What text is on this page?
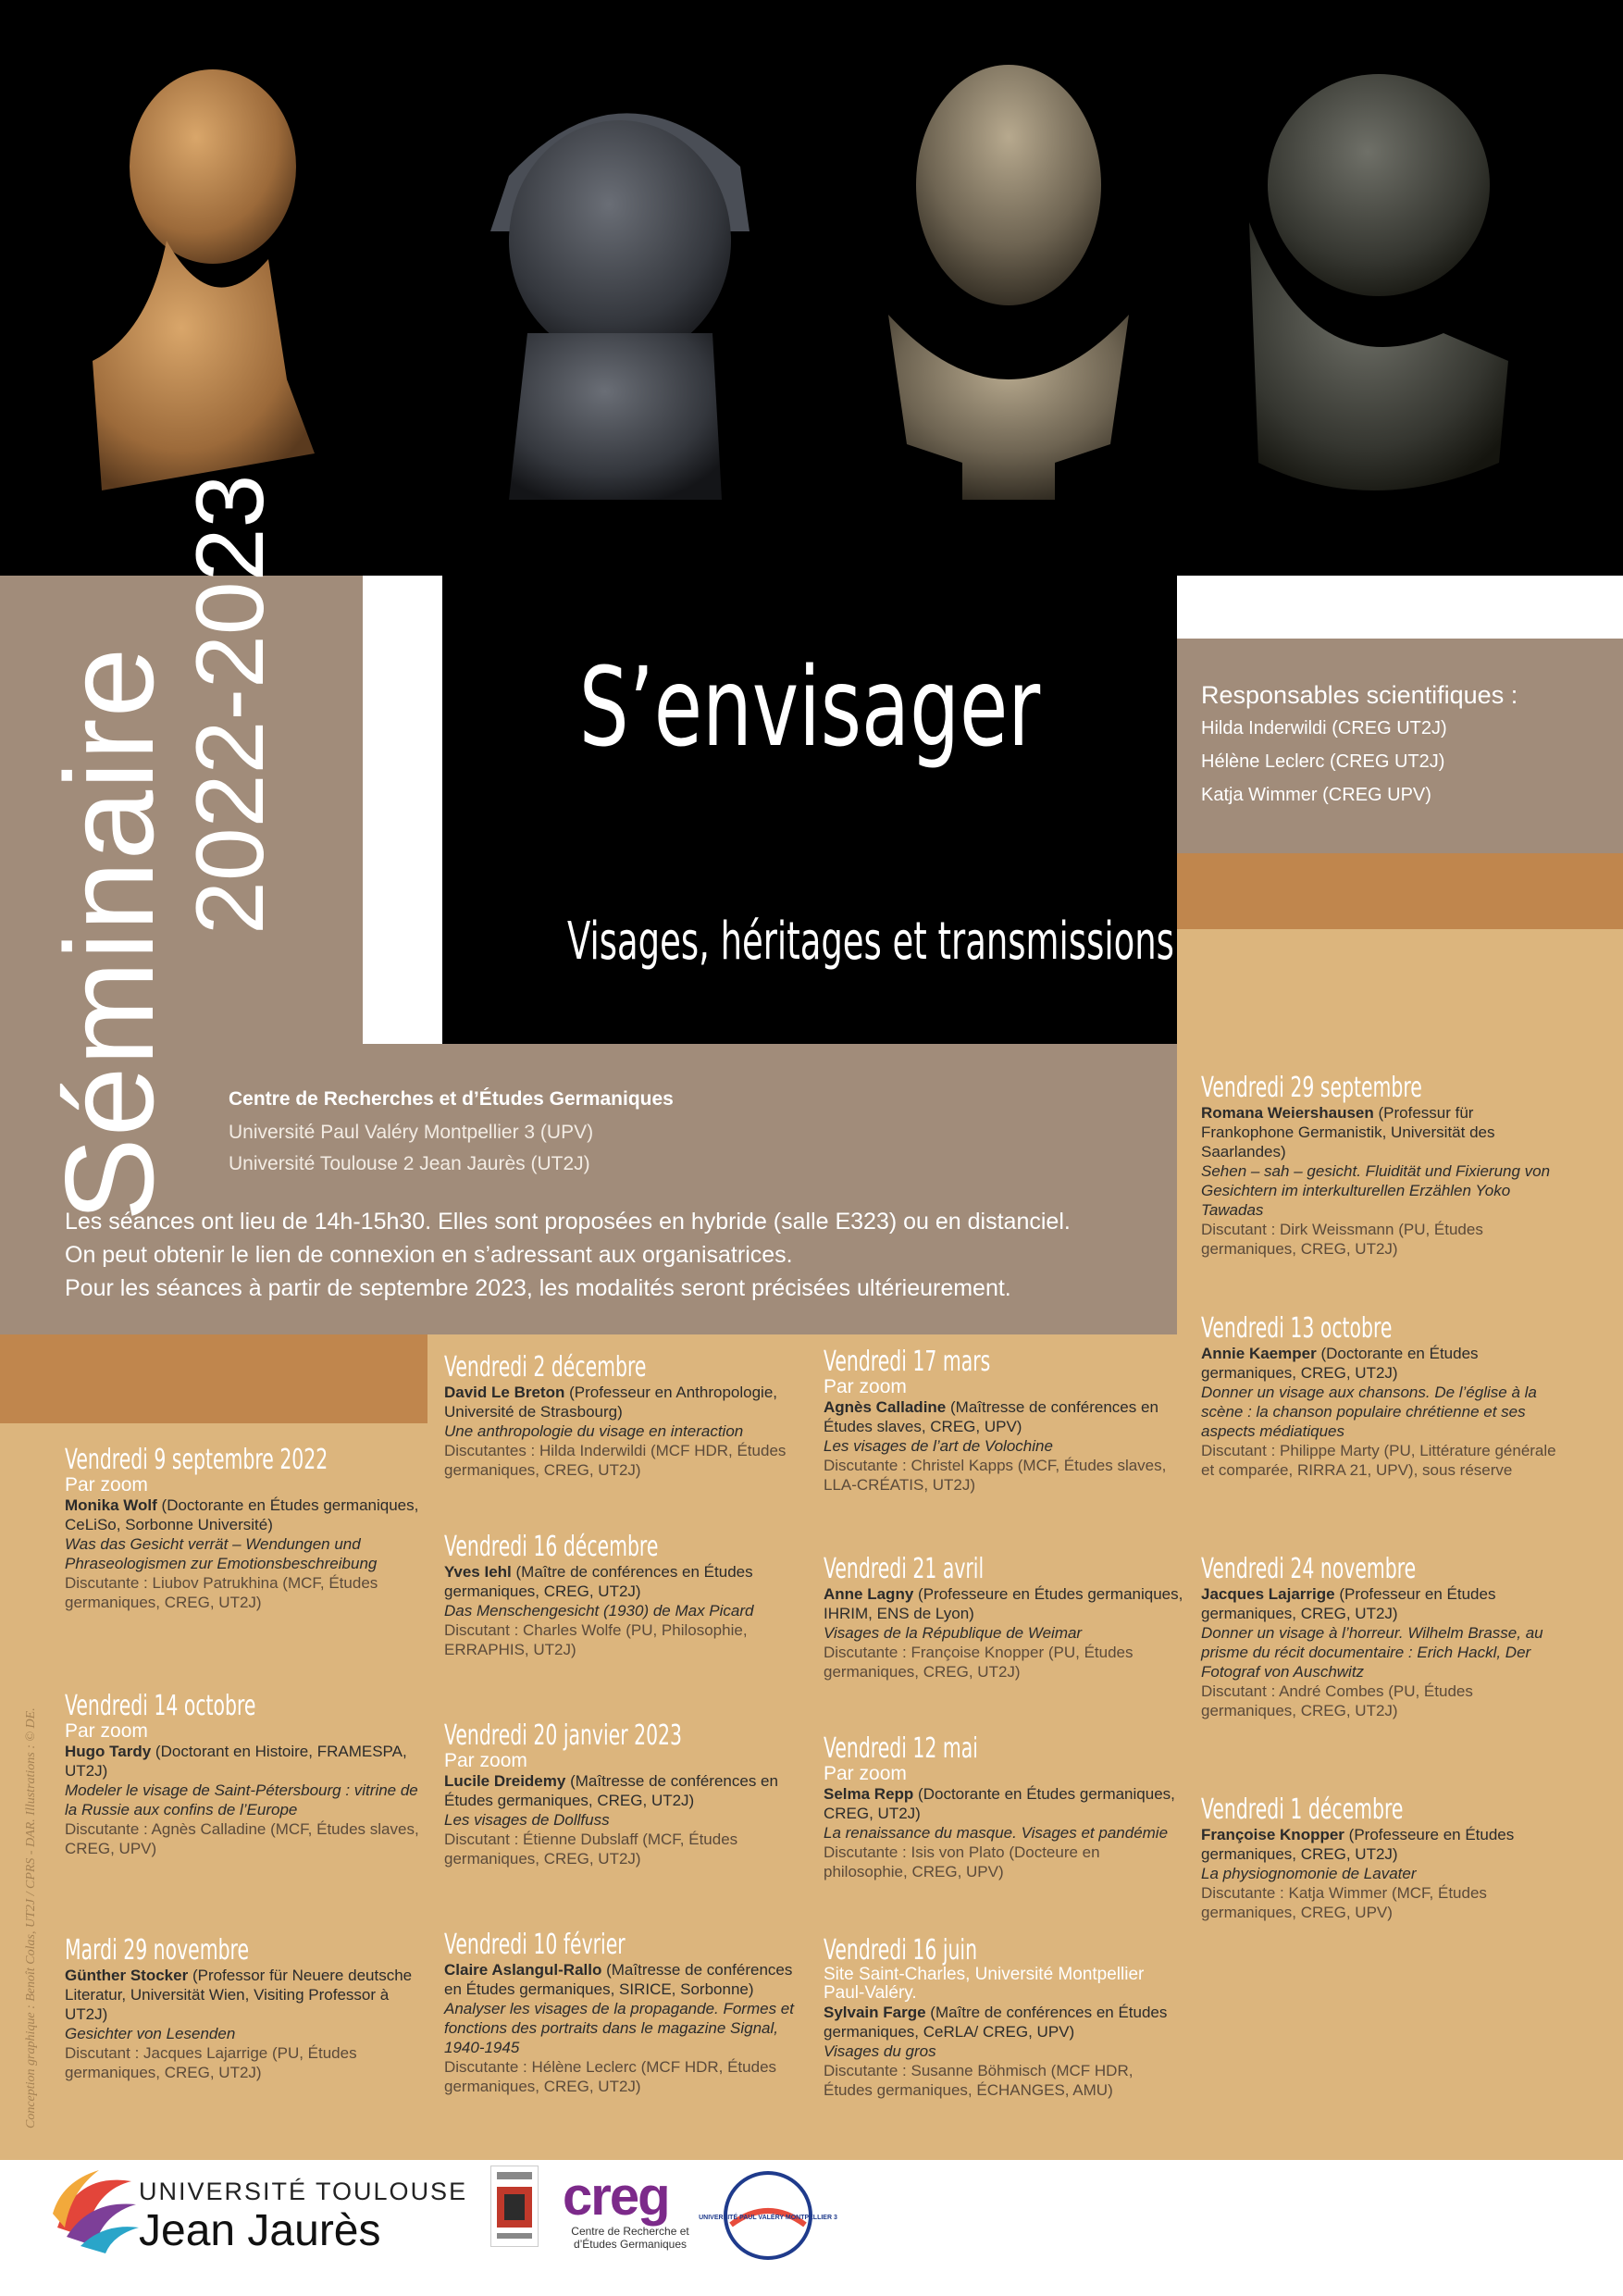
Séminaire
2022-2023	S’envisager
Visages, héritages et transmissions
Responsables scientifiques :
Hilda Inderwildi (CREG UT2J)
Hélène Leclerc (CREG UT2J)
Katja Wimmer (CREG UPV)
Centre de Recherches et d’Études Germaniques
Université Paul Valéry Montpellier 3 (UPV)
Université Toulouse 2 Jean Jaurès (UT2J)
Les séances ont lieu de 14h-15h30. Elles sont proposées en hybride (salle E323) ou en distanciel.
On peut obtenir le lien de connexion en s’adressant aux organisatrices.
Pour les séances à partir de septembre 2023, les modalités seront précisées ultérieurement.
Vendredi 9 septembre 2022
Par zoom
Monika Wolf (Doctorante en Études germaniques, CeLiSo, Sorbonne Université)
Was das Gesicht verrät – Wendungen und Phraseologismen zur Emotionsbeschreibung
Discutante : Liubov Patrukhina (MCF, Études germaniques, CREG, UT2J)
Vendredi 14 octobre
Par zoom
Hugo Tardy (Doctorant en Histoire, FRAMESPA, UT2J)
Modeler le visage de Saint-Pétersbourg : vitrine de la Russie aux confins de l’Europe
Discutante : Agnès Calladine (MCF, Études slaves, CREG, UPV)
Mardi 29 novembre
Günther Stocker (Professor für Neuere deutsche Literatur, Universität Wien, Visiting Professor à UT2J)
Gesichter von Lesenden
Discutant : Jacques Lajarrige (PU, Études germaniques, CREG, UT2J)
Vendredi 2 décembre
David Le Breton (Professeur en Anthropologie, Université de Strasbourg)
Une anthropologie du visage en interaction
Discutantes : Hilda Inderwildi (MCF HDR, Études germaniques, CREG, UT2J)
Vendredi 16 décembre
Yves Iehl (Maître de conférences en Études germaniques, CREG, UT2J)
Das Menschengesicht (1930) de Max Picard
Discutant : Charles Wolfe (PU, Philosophie, ERRAPHIS, UT2J)
Vendredi 20 janvier 2023
Par zoom
Lucile Dreidemy (Maîtresse de conférences en Études germaniques, CREG, UT2J)
Les visages de Dollfuss
Discutant : Étienne Dubslaff (MCF, Études germaniques, CREG, UT2J)
Vendredi 10 février
Claire Aslangul-Rallo (Maîtresse de conférences en Études germaniques, SIRICE, Sorbonne)
Analyser les visages de la propagande. Formes et fonctions des portraits dans le magazine Signal, 1940-1945
Discutante : Hélène Leclerc (MCF HDR, Études germaniques, CREG, UT2J)
Vendredi 17 mars
Par zoom
Agnès Calladine (Maîtresse de conférences en Études slaves, CREG, UPV)
Les visages de l’art de Volochine
Discutante : Christel Kapps (MCF, Études slaves, LLA-CRÉATIS, UT2J)
Vendredi 21 avril
Anne Lagny (Professeure en Études germaniques, IHRIM, ENS de Lyon)
Visages de la République de Weimar
Discutante : Françoise Knopper (PU, Études germaniques, CREG, UT2J)
Vendredi 12 mai
Par zoom
Selma Repp (Doctorante en Études germaniques, CREG, UT2J)
La renaissance du masque. Visages et pandémie
Discutante : Isis von Plato (Docteure en philosophie, CREG, UPV)
Vendredi 16 juin
Site Saint-Charles, Université Montpellier Paul-Valéry.
Sylvain Farge (Maître de conférences en Études germaniques, CeRLA/ CREG, UPV)
Visages du gros
Discutante : Susanne Böhmisch (MCF HDR, Études germaniques, ÉCHANGES, AMU)
Vendredi 29 septembre
Romana Weiershausen (Professur für Frankophone Germanistik, Universität des Saarlandes)
Sehen – sah – gesicht. Fluidität und Fixierung von Gesichtern im interkulturellen Erzählen Yoko Tawadas
Discutant : Dirk Weissmann (PU, Études germaniques, CREG, UT2J)
Vendredi 13 octobre
Annie Kaemper (Doctorante en Études germaniques, CREG, UT2J)
Donner un visage aux chansons. De l’église à la scène : la chanson populaire chrétienne et ses aspects médiatiques
Discutant : Philippe Marty (PU, Littérature générale et comparée, RIRRA 21, UPV), sous réserve
Vendredi 24 novembre
Jacques Lajarrige (Professeur en Études germaniques, CREG, UT2J)
Donner un visage à l’horreur. Wilhelm Brasse, au prisme du récit documentaire : Erich Hackl, Der Fotograf von Auschwitz
Discutant : André Combes (PU, Études germaniques, CREG, UT2J)
Vendredi 1 décembre
Françoise Knopper (Professeure en Études germaniques, CREG, UT2J)
La physiognomonie de Lavater
Discutante : Katja Wimmer (MCF, Études germaniques, CREG, UPV)
Conception graphique : Benoît Colas, UT2J / CPRS - DAR. Illustrations : © DE.
UNIVERSITÉ TOULOUSE
Jean Jaurès
creg
Centre de Recherche et d’Études Germaniques
UNIVERSITÉ PAUL VALÉRY MONTPELLIER 3
